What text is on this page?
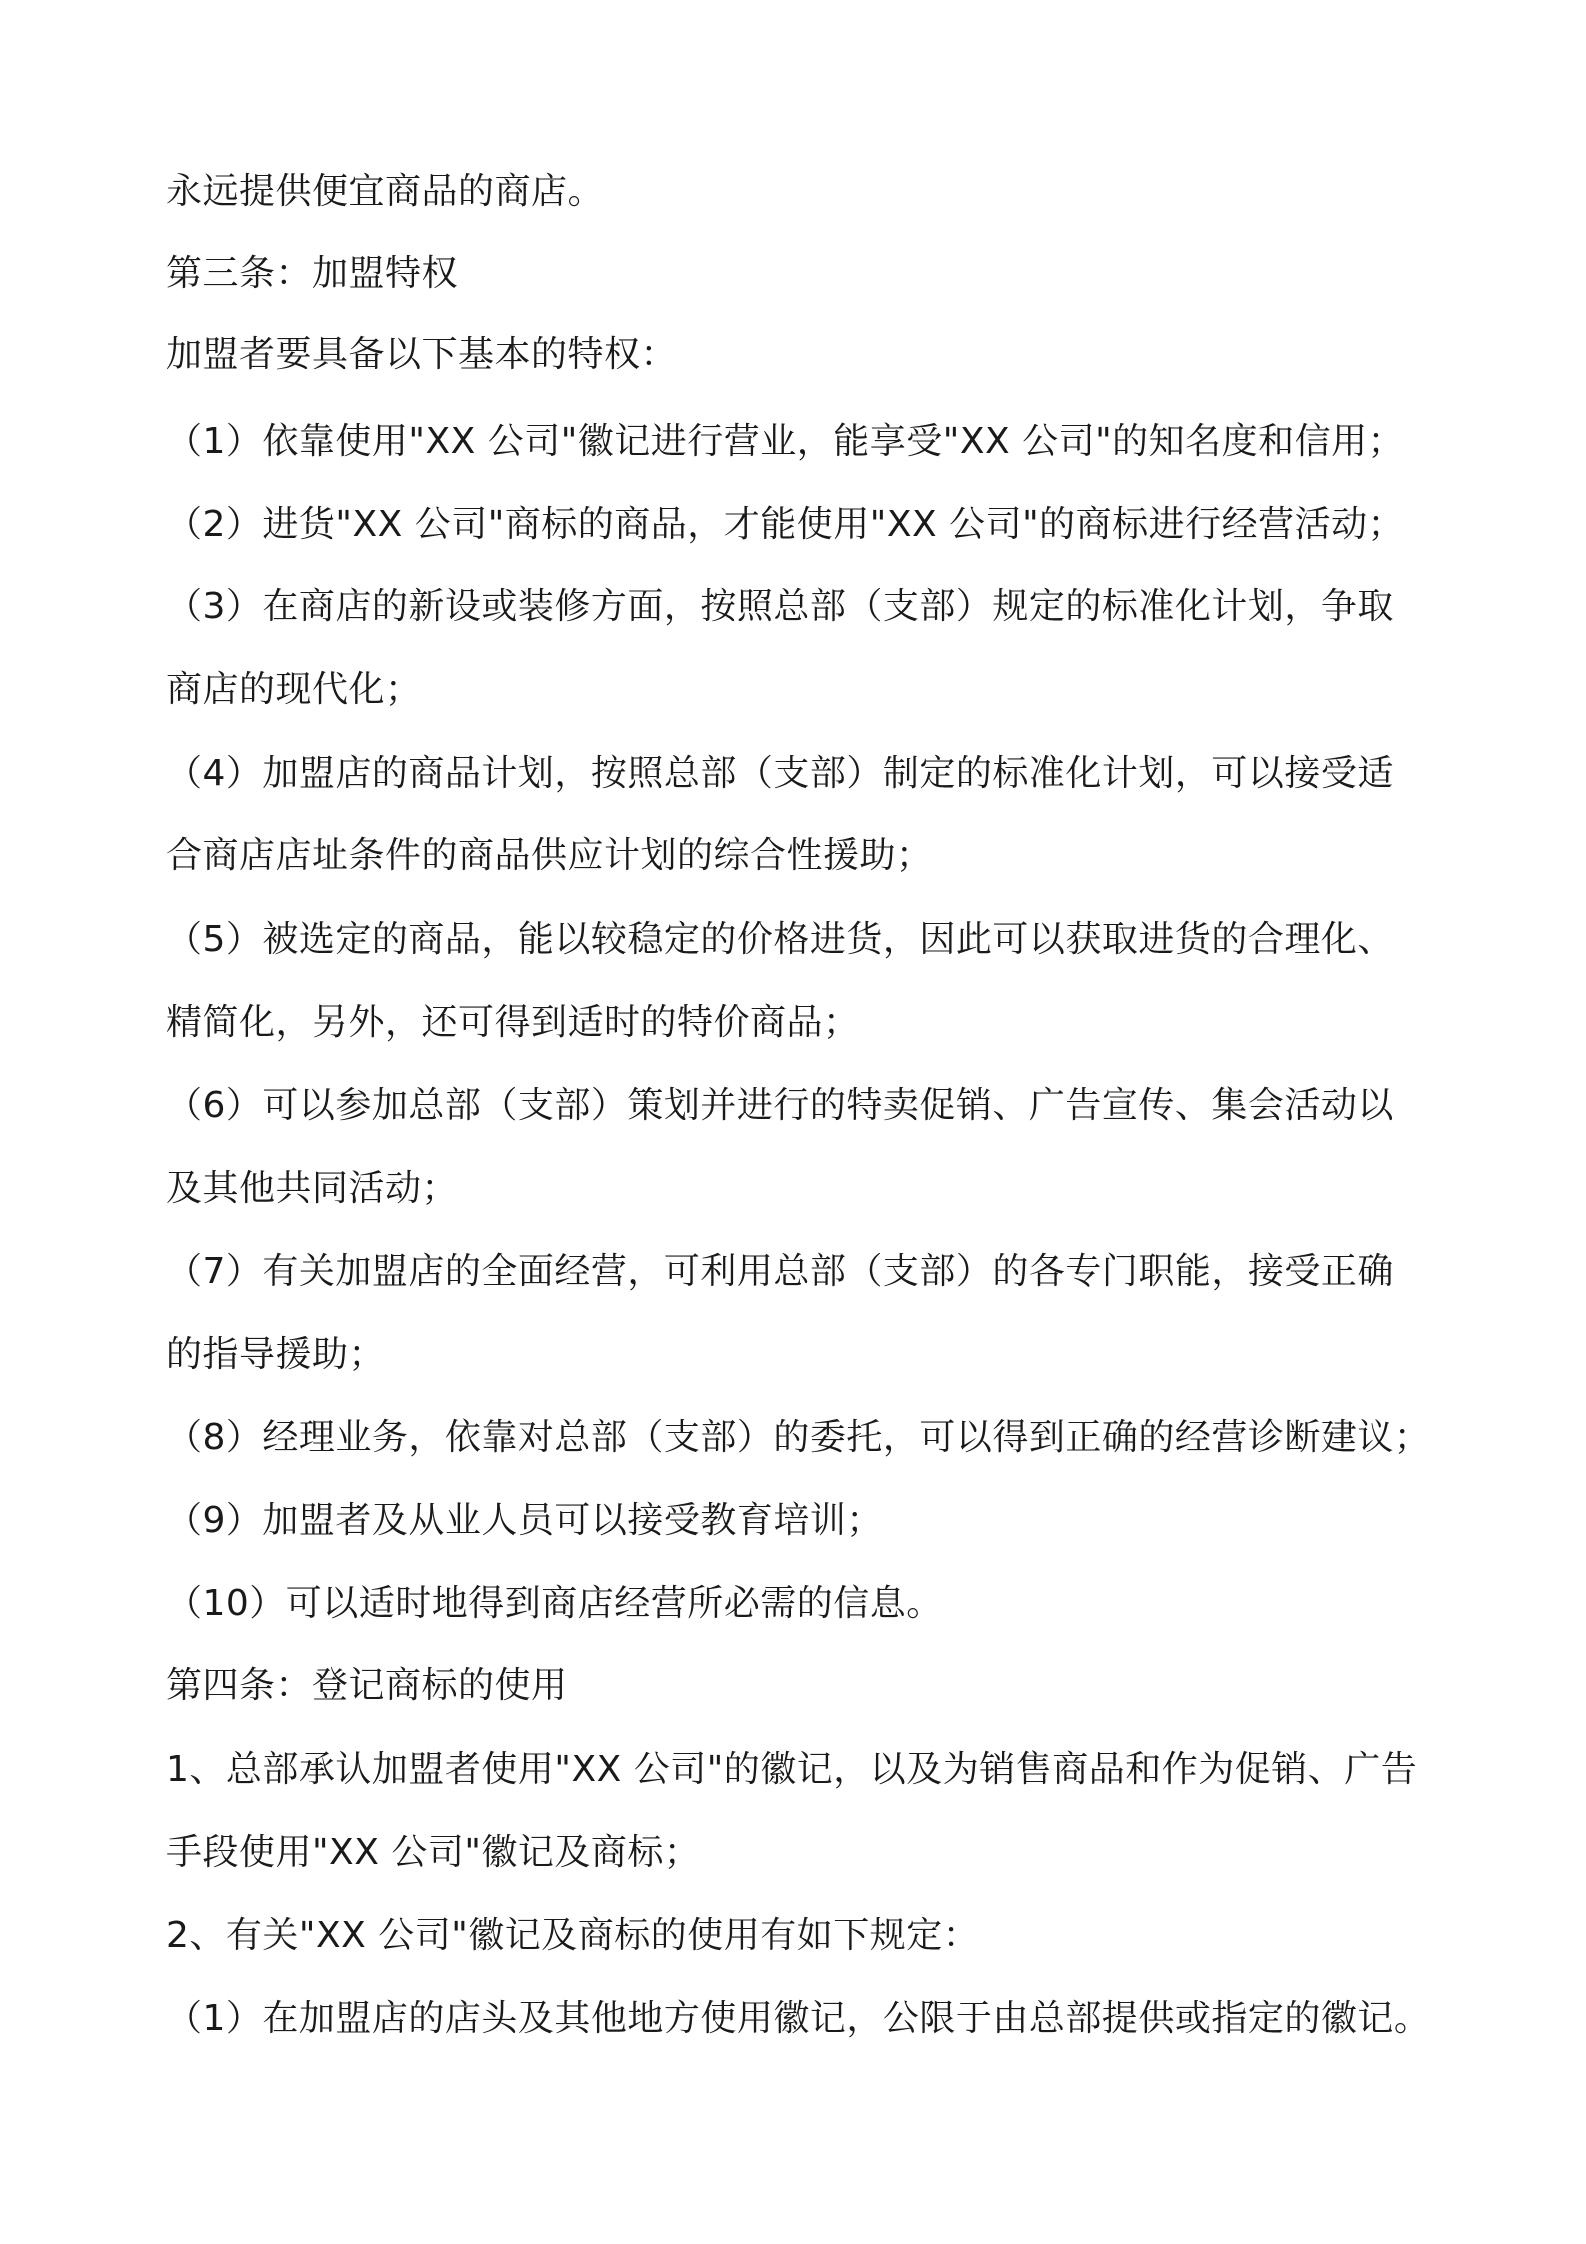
永远提供便宜商品的商店。
第三条：加盟特权
加盟者要具备以下基本的特权：
（1）依靠使用"XX 公司"徽记进行营业，能享受"XX 公司"的知名度和信用；
（2）进货"XX 公司"商标的商品，才能使用"XX 公司"的商标进行经营活动；
（3）在商店的新设或装修方面，按照总部（支部）规定的标准化计划，争取
商店的现代化；
（4）加盟店的商品计划，按照总部（支部）制定的标准化计划，可以接受适
合商店店址条件的商品供应计划的综合性援助；
（5）被选定的商品，能以较稳定的价格进货，因此可以获取进货的合理化、
精简化，另外，还可得到适时的特价商品；
（6）可以参加总部（支部）策划并进行的特卖促销、广告宣传、集会活动以
及其他共同活动；
（7）有关加盟店的全面经营，可利用总部（支部）的各专门职能，接受正确
的指导援助；
（8）经理业务，依靠对总部（支部）的委托，可以得到正确的经营诊断建议；
（9）加盟者及从业人员可以接受教育培训；
（10）可以适时地得到商店经营所必需的信息。
第四条：登记商标的使用
1、总部承认加盟者使用"XX 公司"的徽记，以及为销售商品和作为促销、广告
手段使用"XX 公司"徽记及商标；
2、有关"XX 公司"徽记及商标的使用有如下规定：
（1）在加盟店的店头及其他地方使用徽记，公限于由总部提供或指定的徽记。
